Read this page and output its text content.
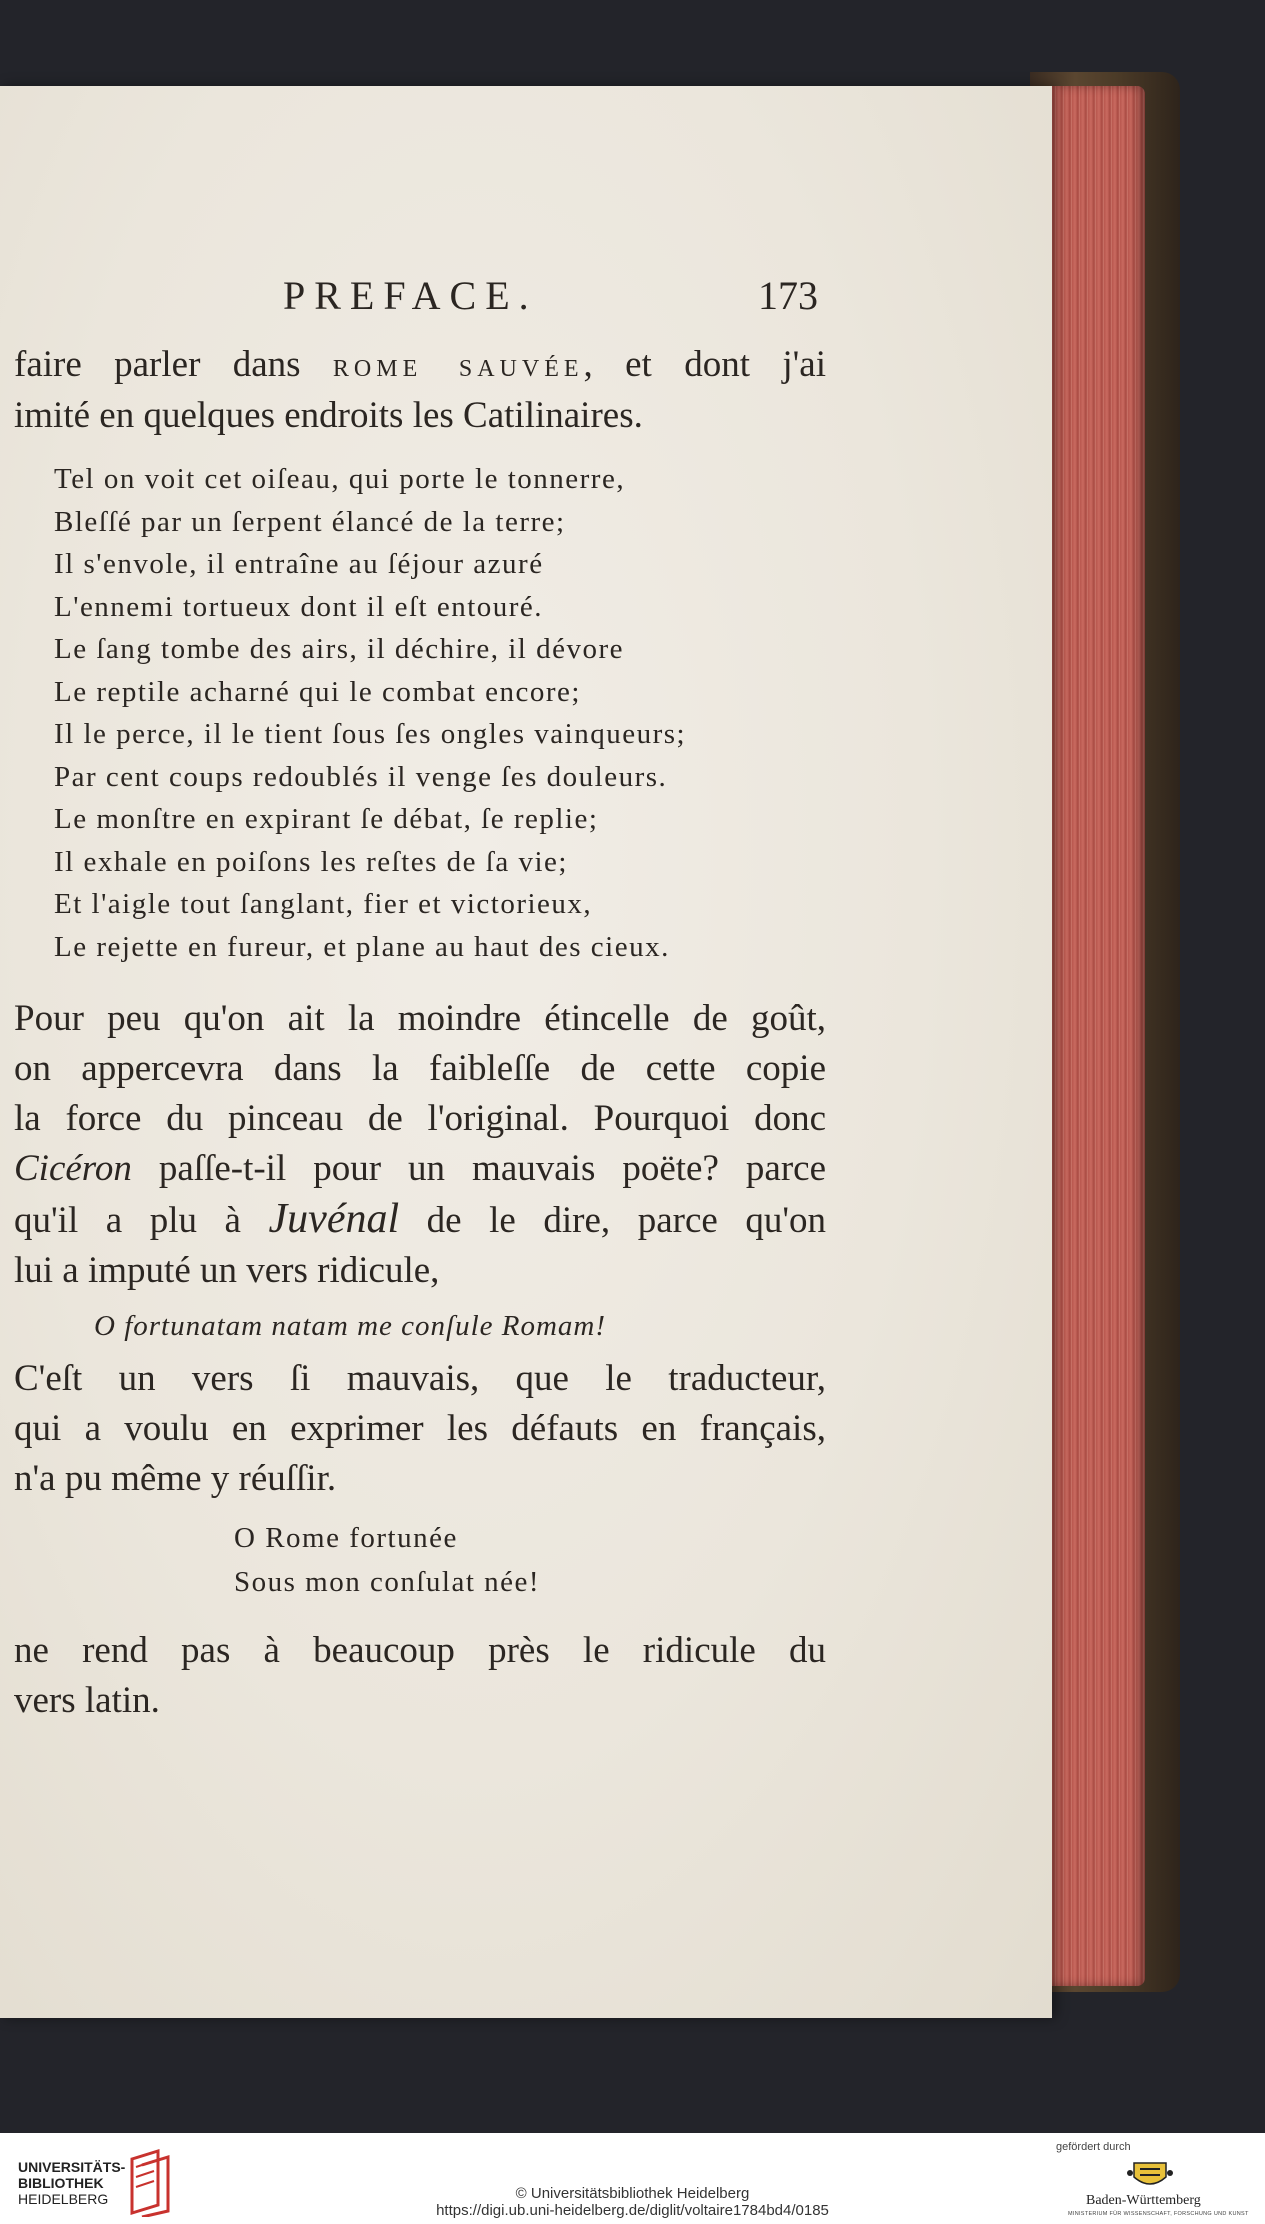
PREFACE.	173

faire parler dans rome sauvée, et dont j'ai
imité en quelques endroits les Catilinaires.

Tel on voit cet oiſeau, qui porte le tonnerre,
Bleſſé par un ſerpent élancé de la terre;
Il s'envole, il entraîne au ſéjour azuré
L'ennemi tortueux dont il eſt entouré.
Le ſang tombe des airs, il déchire, il dévore
Le reptile acharné qui le combat encore;
Il le perce, il le tient ſous ſes ongles vainqueurs;
Par cent coups redoublés il venge ſes douleurs.
Le monſtre en expirant ſe débat, ſe replie;
Il exhale en poiſons les reſtes de ſa vie;
Et l'aigle tout ſanglant, fier et victorieux,
Le rejette en fureur, et plane au haut des cieux.

Pour peu qu'on ait la moindre étincelle de goût,
on appercevra dans la faibleſſe de cette copie
la force du pinceau de l'original. Pourquoi donc
Cicéron paſſe-t-il pour un mauvais poëte? parce
qu'il a plu à Juvénal de le dire, parce qu'on
lui a imputé un vers ridicule,

O fortunatam natam me conſule Romam!

C'eſt un vers ſi mauvais, que le traducteur,
qui a voulu en exprimer les défauts en français,
n'a pu même y réuſſir.

O Rome fortunée
Sous mon conſulat née!

ne rend pas à beaucoup près le ridicule du
vers latin.

UNIVERSITÄTS-
BIBLIOTHEK
HEIDELBERG	© Universitätsbibliothek Heidelberg
https://digi.ub.uni-heidelberg.de/diglit/voltaire1784bd4/0185
gefördert durch
Baden-Württemberg
MINISTERIUM FÜR WISSENSCHAFT, FORSCHUNG UND KUNST
